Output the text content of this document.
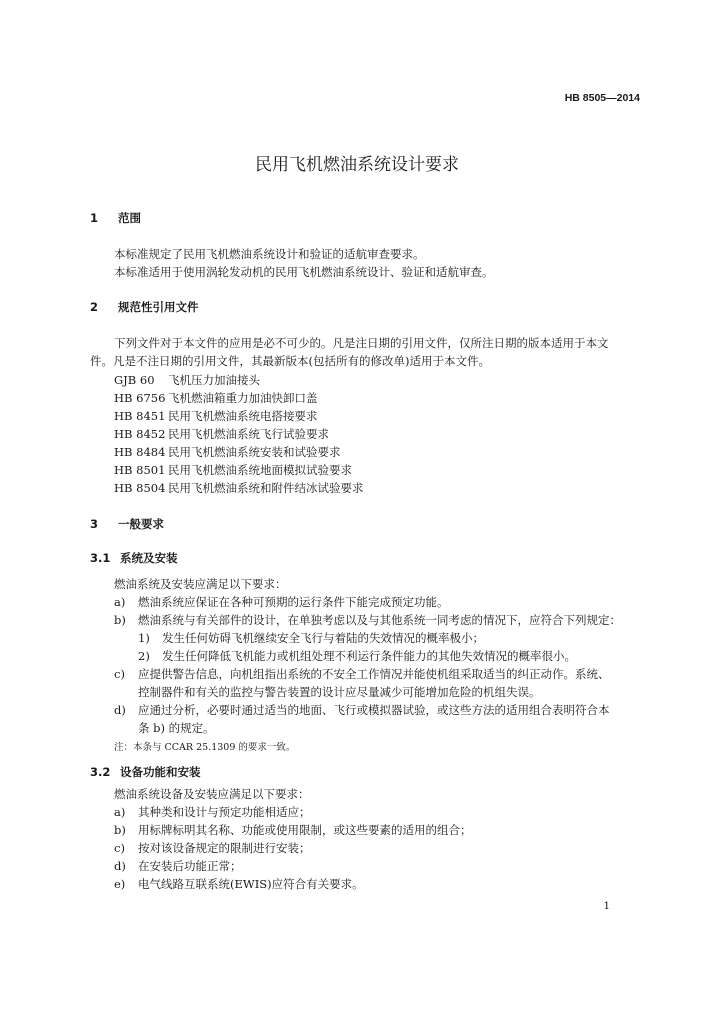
HB 8505—2014
民用飞机燃油系统设计要求
1 范围
本标准规定了民用飞机燃油系统设计和验证的适航审查要求。
本标准适用于使用涡轮发动机的民用飞机燃油系统设计、验证和适航审查。
2 规范性引用文件
下列文件对于本文件的应用是必不可少的。凡是注日期的引用文件，仅所注日期的版本适用于本文
件。凡是不注日期的引用文件，其最新版本(包括所有的修改单)适用于本文件。
GJB 60 飞机压力加油接头
HB 6756 飞机燃油箱重力加油快卸口盖
HB 8451 民用飞机燃油系统电搭接要求
HB 8452 民用飞机燃油系统飞行试验要求
HB 8484 民用飞机燃油系统安装和试验要求
HB 8501 民用飞机燃油系统地面模拟试验要求
HB 8504 民用飞机燃油系统和附件结冰试验要求
3 一般要求
3.1 系统及安装
燃油系统及安装应满足以下要求：
a) 燃油系统应保证在各种可预期的运行条件下能完成预定功能。
b) 燃油系统与有关部件的设计，在单独考虑以及与其他系统一同考虑的情况下，应符合下列规定：
1) 发生任何妨碍飞机继续安全飞行与着陆的失效情况的概率极小；
2) 发生任何降低飞机能力或机组处理不利运行条件能力的其他失效情况的概率很小。
c) 应提供警告信息，向机组指出系统的不安全工作情况并能使机组采取适当的纠正动作。系统、
控制器件和有关的监控与警告装置的设计应尽量减少可能增加危险的机组失误。
d) 应通过分析，必要时通过适当的地面、飞行或模拟器试验，或这些方法的适用组合表明符合本
条 b) 的规定。
注：本条与 CCAR 25.1309 的要求一致。
3.2 设备功能和安装
燃油系统设备及安装应满足以下要求：
a) 其种类和设计与预定功能相适应；
b) 用标牌标明其名称、功能或使用限制，或这些要素的适用的组合；
c) 按对该设备规定的限制进行安装；
d) 在安装后功能正常；
e) 电气线路互联系统(EWIS)应符合有关要求。
1
